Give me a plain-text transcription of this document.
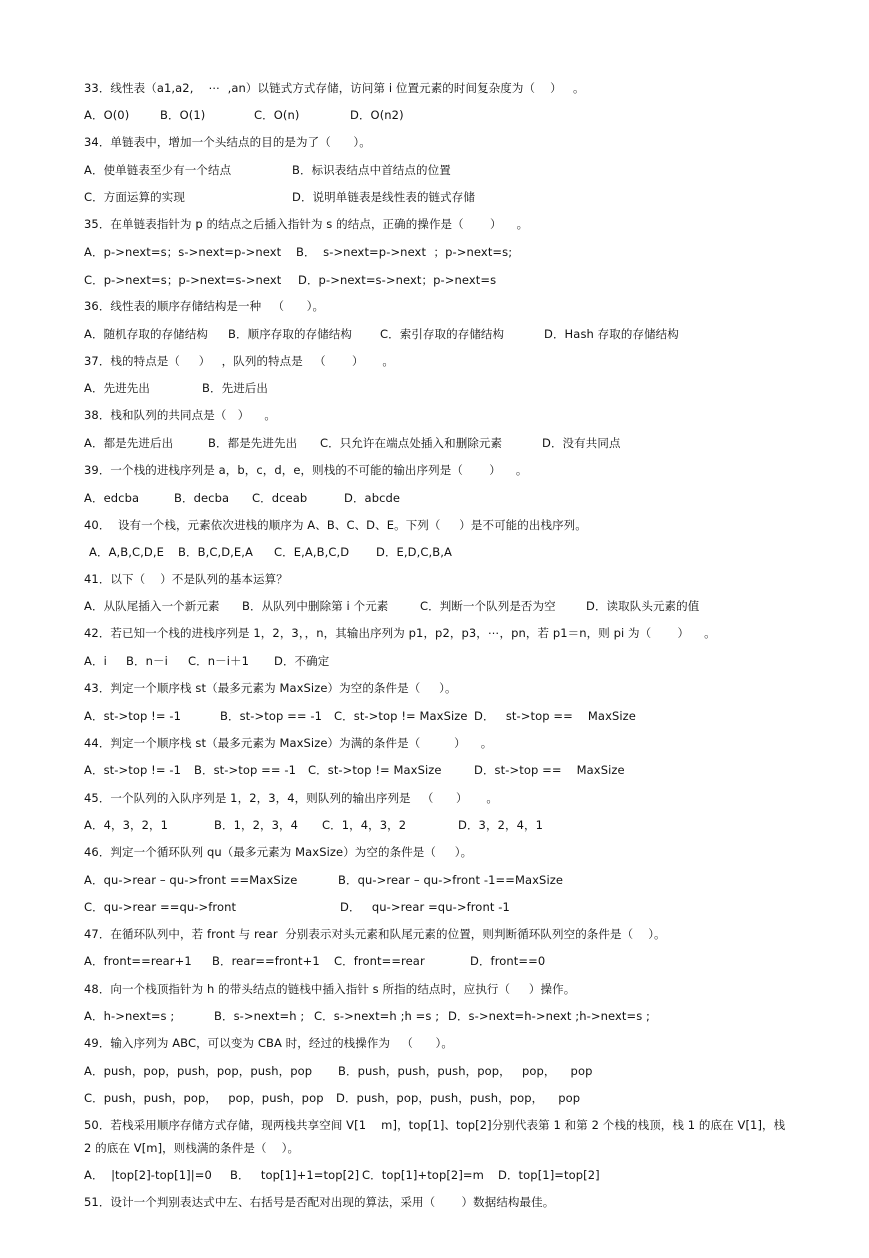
33．线性表（a1,a2,    ⋯  ,an）以链式方式存储，访问第 i 位置元素的时间复杂度为（    ）   。

A．O(0)

	B．O(1)

	C．O(n)

	D．O(n2)

34．单链表中，增加一个头结点的目的是为了（      ）。

A．使单链表至少有一个结点

	B．标识表结点中首结点的位置

C．方面运算的实现

	D．说明单链表是线性表的链式存储

35．在单链表指针为 p 的结点之后插入指针为 s 的结点，正确的操作是（       ）    。

A．p->next=s；s->next=p->next

B．  s->next=p->next  ；p->next=s;

C．p->next=s；p->next=s->next

D．p->next=s->next；p->next=s

36．线性表的顺序存储结构是一种   （      ）。

A．随机存取的存储结构

B．顺序存取的存储结构

C．索引存取的存储结构

	D．Hash 存取的存储结构

37．栈的特点是（     ）   ，队列的特点是   （       ）     。

A．先进先出

	B．先进后出

38．栈和队列的共同点是（   ）    。

A．都是先进后出

	B．都是先进先出

C．只允许在端点处插入和删除元素

	D．没有共同点

39．一个栈的进栈序列是 a，b，c，d，e，则栈的不可能的输出序列是（       ）    。

A．edcba

	B．decba

C．dceab

	D．abcde

40．  设有一个栈，元素依次进栈的顺序为 A、B、C、D、E。下列（     ）是不可能的出栈序列。

A．A,B,C,D,E

B．B,C,D,E,A

C．E,A,B,C,D

D．E,D,C,B,A

41．以下（    ）不是队列的基本运算？

A．从队尾插入一个新元素

B．从队列中删除第 i 个元素

	C．判断一个队列是否为空

	D．读取队头元素的值

42．若已知一个栈的进栈序列是 1，2，3，，n，其输出序列为 p1，p2，p3，⋯，pn，若 p1＝n，则 pi 为（       ）    。

A．i

B．n－i

C．n－i＋1

D．不确定

43．判定一个顺序栈 st（最多元素为 MaxSize）为空的条件是（     ）。

A．st->top != -1

	B．st->top == -1

C．st->top != MaxSize

D．   st->top ==    MaxSize

44．判定一个顺序栈 st（最多元素为 MaxSize）为满的条件是（         ）    。

A．st->top != -1

B．st->top == -1

C．st->top != MaxSize

	D．st->top ==    MaxSize

45．一个队列的入队序列是 1，2，3，4，则队列的输出序列是   （      ）     。

A．4，3，2，1

	B．1，2，3，4

C．1，4，3，2

	D．3，2，4，1

46．判定一个循环队列 qu（最多元素为 MaxSize）为空的条件是（     ）。

A．qu->rear – qu->front ==MaxSize

	B．qu->rear – qu->front -1==MaxSize

C．qu->rear ==qu->front

	D．   qu->rear =qu->front -1

47．在循环队列中，若 front 与 rear  分别表示对头元素和队尾元素的位置，则判断循环队列空的条件是（    ）。

A．front==rear+1

B．rear==front+1

C．front==rear

	D．front==0

48．向一个栈顶指针为 h 的带头结点的链栈中插入指针 s 所指的结点时，应执行（     ）操作。

A．h->next=s ;

	B．s->next=h ;

C．s->next=h ;h =s ;

D．s->next=h->next ;h->next=s ;

49．输入序列为 ABC，可以变为 CBA 时，经过的栈操作为   （      ）。

A．push，pop，push，pop，push，pop

B．push，push，push，pop，   pop，    pop

C．push，push，pop，   pop，push，pop

D．push，pop，push，push，pop，    pop

50．若栈采用顺序存储方式存储，现两栈共享空间 V[1    m]，top[1]、top[2]分别代表第 1 和第 2 个栈的栈顶，栈 1 的底在 V[1]，栈
2 的底在 V[m]，则栈满的条件是（    ）。

A．  |top[2]-top[1]|=0

B．   top[1]+1=top[2]

C．top[1]+top[2]=m

D．top[1]=top[2]

51．设计一个判别表达式中左、右括号是否配对出现的算法，采用（       ）数据结构最佳。
